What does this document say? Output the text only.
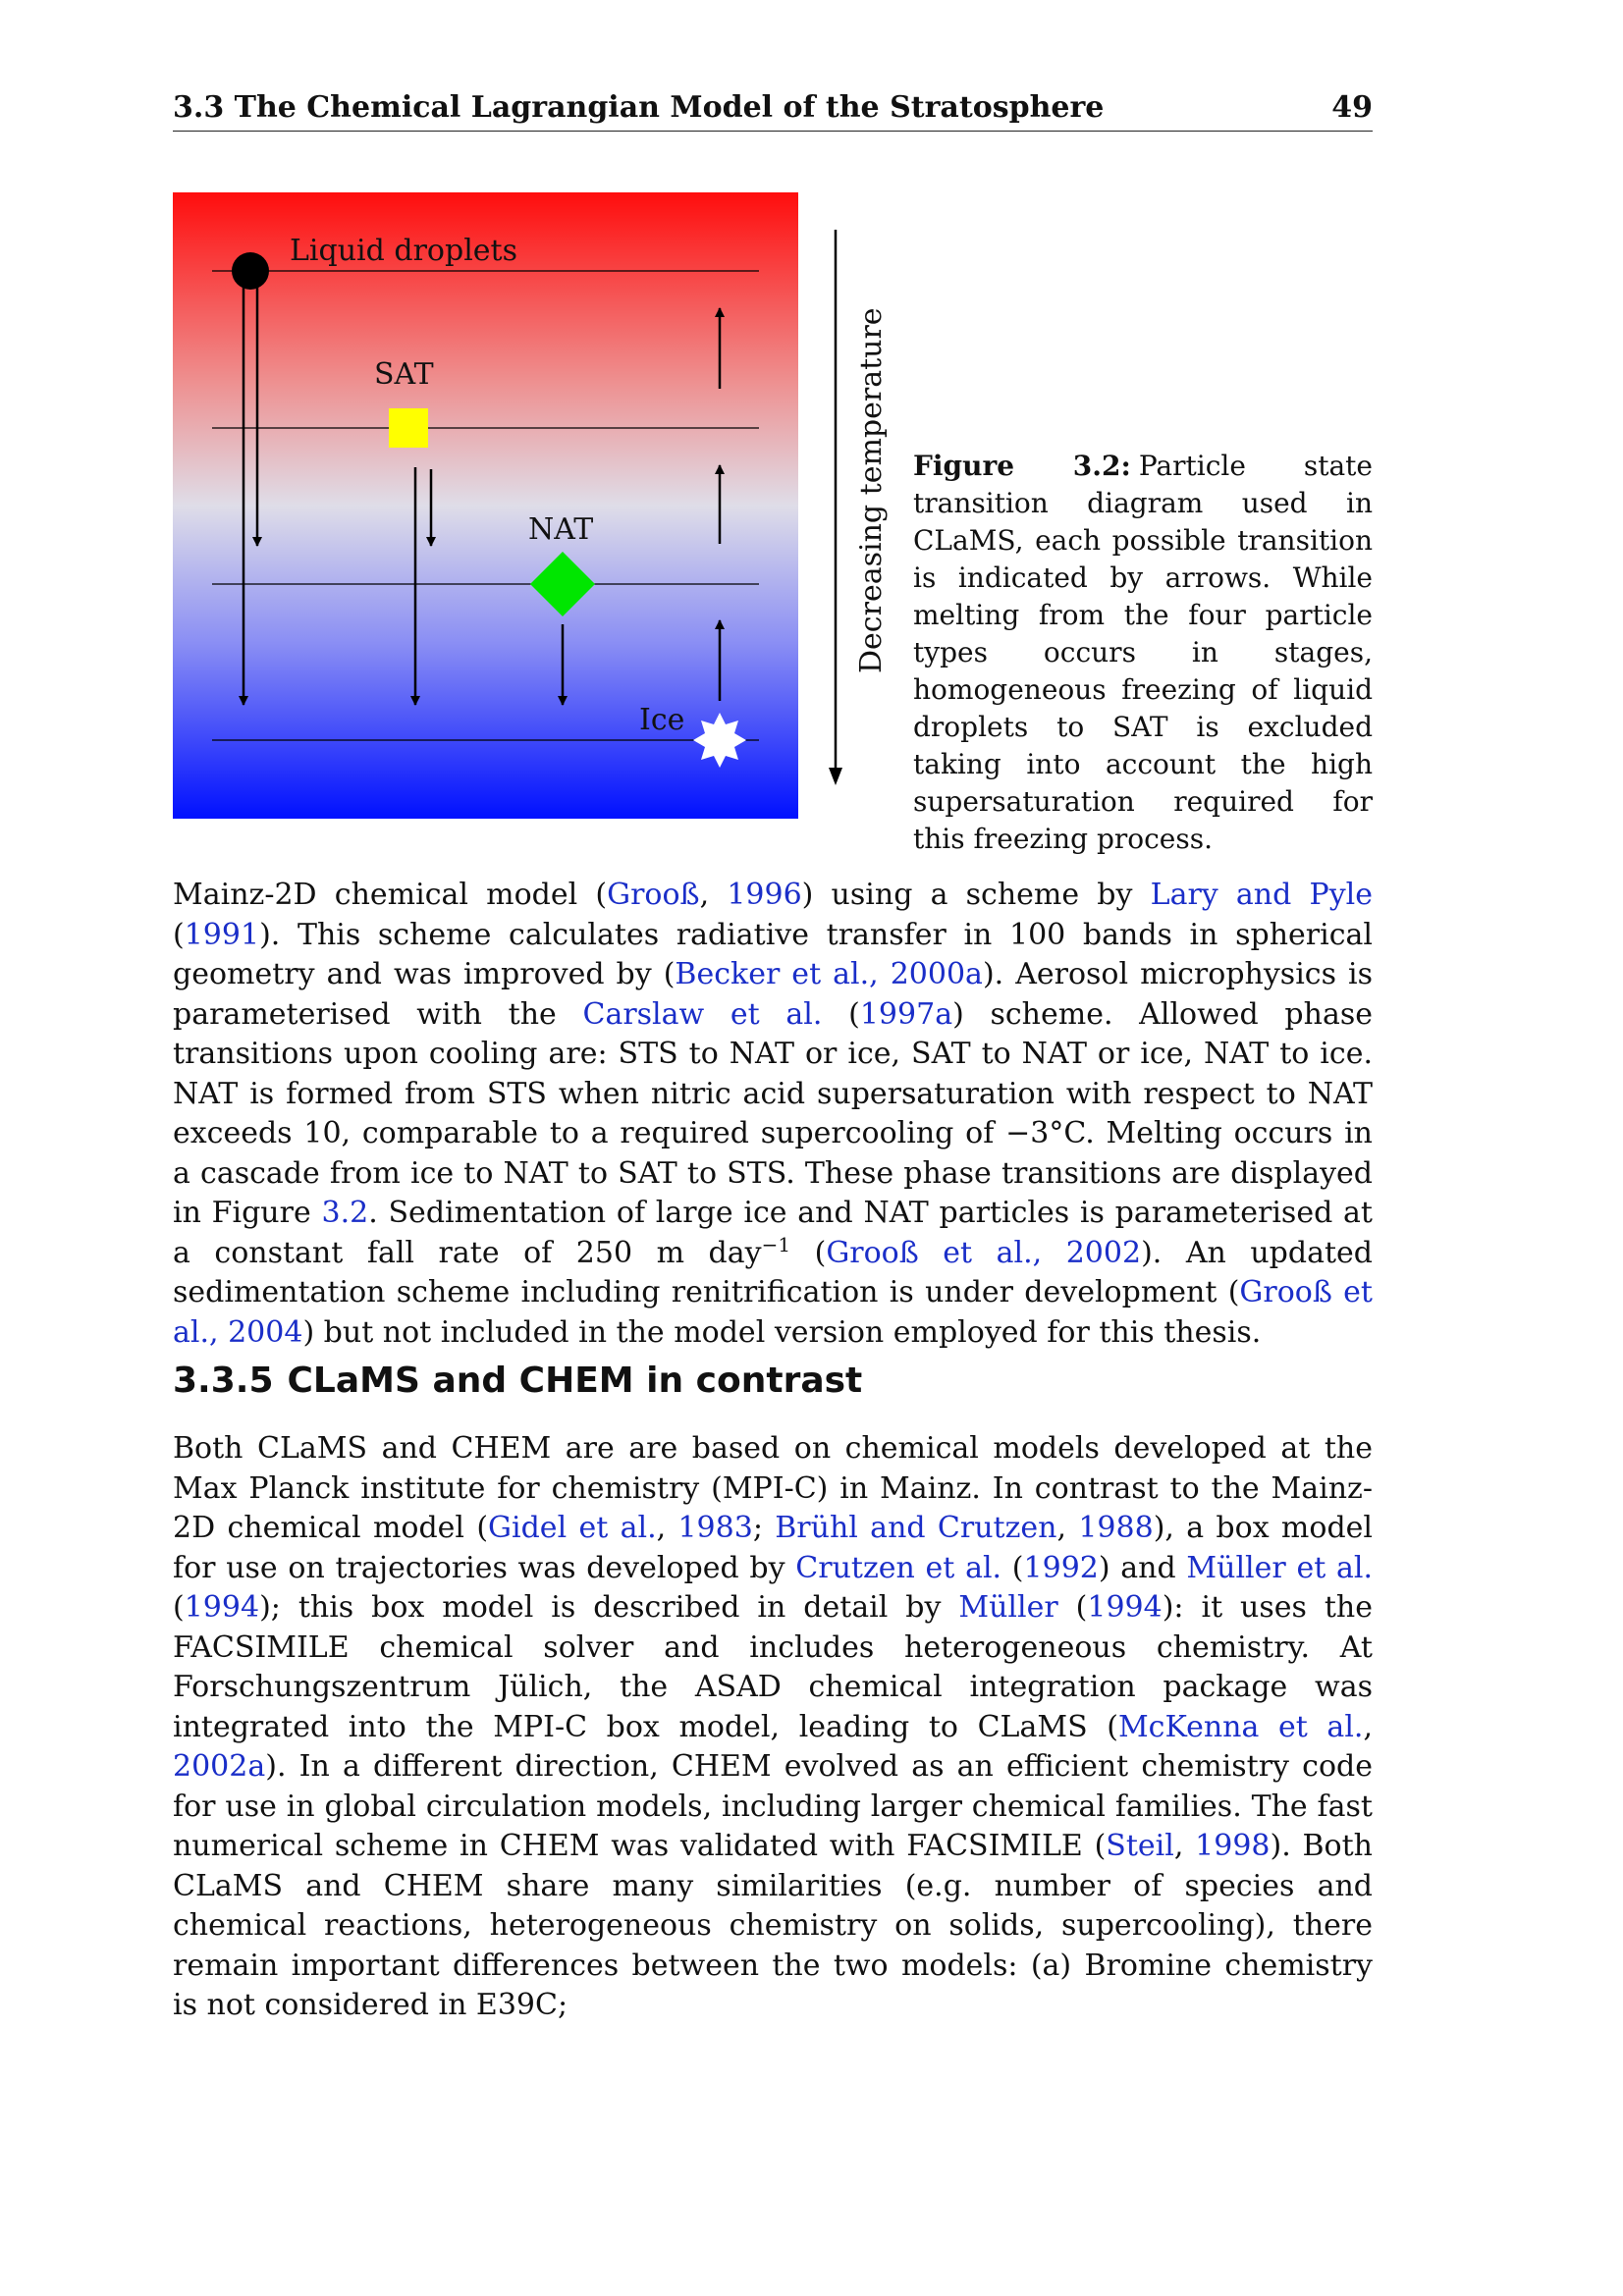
3.3 The Chemical Lagrangian Model of the Stratosphere	49
Liquid droplets
SAT
NAT
Ice
Decreasing temperature Figure 3.2: Particle state transition diagram used in CLaMS, each possible transition is indicated by arrows. While melting from the four particle types occurs in stages, homogeneous freezing of liquid droplets to SAT is excluded taking into account the high supersaturation required for this freezing process.
Mainz-2D chemical model (Grooß, 1996) using a scheme by Lary and Pyle (1991). This scheme calculates radiative transfer in 100 bands in spherical geometry and was improved by (Becker et al., 2000a). Aerosol microphysics is parameterised with the Carslaw et al. (1997a) scheme. Allowed phase transitions upon cooling are: STS to NAT or ice, SAT to NAT or ice, NAT to ice. NAT is formed from STS when nitric acid supersaturation with respect to NAT exceeds 10, comparable to a required supercooling of −3°C. Melting occurs in a cascade from ice to NAT to SAT to STS. These phase transitions are displayed in Figure 3.2. Sedimentation of large ice and NAT particles is parameterised at a constant fall rate of 250 m day$^{-1}$ (Grooß et al., 2002). An updated sedimentation scheme including renitrification is under development (Grooß et al., 2004) but not included in the model version employed for this thesis.
3.3.5 CLaMS and CHEM in contrast
Both CLaMS and CHEM are are based on chemical models developed at the Max Planck institute for chemistry (MPI-C) in Mainz. In contrast to the Mainz-2D chemical model (Gidel et al., 1983; Brühl and Crutzen, 1988), a box model for use on trajectories was developed by Crutzen et al. (1992) and Müller et al. (1994); this box model is described in detail by Müller (1994): it uses the FACSIMILE chemical solver and includes heterogeneous chemistry. At Forschungszentrum Jülich, the ASAD chemical integration package was integrated into the MPI-C box model, leading to CLaMS (McKenna et al., 2002a). In a different direction, CHEM evolved as an efficient chemistry code for use in global circulation models, including larger chemical families. The fast numerical scheme in CHEM was validated with FACSIMILE (Steil, 1998). Both CLaMS and CHEM share many similarities (e.g. number of species and chemical reactions, heterogeneous chemistry on solids, supercooling), there remain important differences between the two models: (a) Bromine chemistry is not considered in E39C;
